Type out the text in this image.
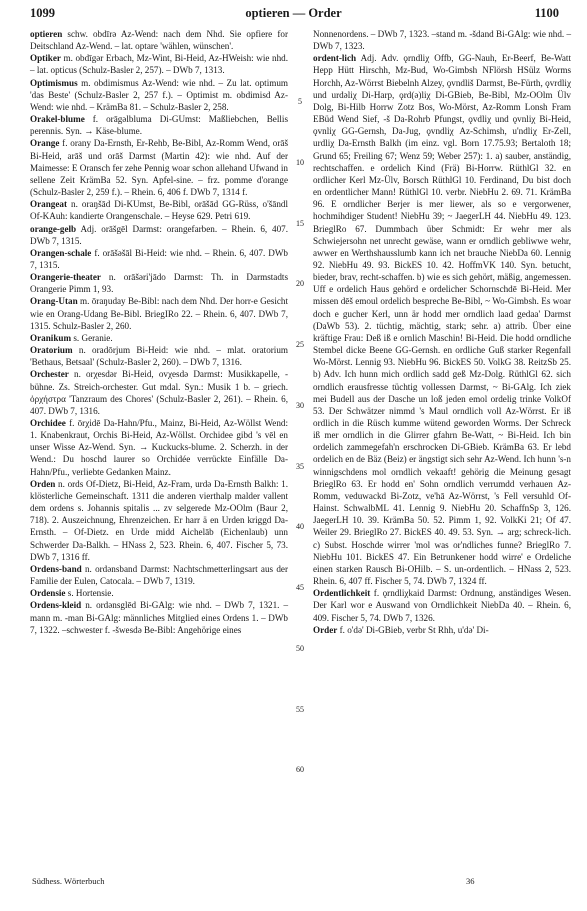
1099	optieren — Order	1100

optieren schw. obdīrə Az-Wend: nach dem Nhd. Sie opfiere for Deitschland Az-Wend. – lat. optare 'wählen, wünschen'.

Optiker m. obdīgər Erbach, Mz-Wint, Bi-Heid, Az-HWeish: wie nhd. – lat. opticus (Schulz-Basler 2, 257). – DWb 7, 1313.

Optimismus m. obdimismus Az-Wend: wie nhd. – Zu lat. optimum 'das Beste' (Schulz-Basler 2, 257 f.). – Optimist m. obdimisd Az-Wend: wie nhd. – KrämBa 81. – Schulz-Basler 2, 258.

Orakel-blume f. orāgəlbluma Di-GUmst: Maßliebchen, Bellis perennis. Syn. → Käse-blume.

Orange f. orany Da-Ernsth, Er-Rehb, Be-Bibl, Az-Romm Wend, orāš Bi-Heid, arāš und orāš Darmst (Martin 42): wie nhd. Auf der Maimesse: E Oransch fer zehe Pennig woar schon allehand Ufwand in sellene Zeit KrämBa 52. Syn. Apfel-sine. – frz. pomme d'orange (Schulz-Basler 2, 259 f.). – Rhein. 6, 406 f. DWb 7, 1314 f.

Orangeat n. oraŋšād Di-KUmst, Be-Bibl, orāšād GG-Rüss, o'šāndl Of-KAuh: kandierte Orangenschale. – Heyse 629. Petri 619.

orange-gelb Adj. orāšgēl Darmst: orangefarben. – Rhein. 6, 407. DWb 7, 1315.

Orangen-schale f. orāšəšāl Bi-Heid: wie nhd. – Rhein. 6, 407. DWb 7, 1315.

Orangerie-theater n. orāšəri'jādo Darmst: Th. in Darmstadts Orangerie Pimm 1, 93.

Orang-Utan m. ōraŋuday Be-Bibl: nach dem Nhd. Der horr-e Gesicht wie en Orang-Udang Be-Bibl. BriegIRo 22. – Rhein. 6, 407. DWb 7, 1315. Schulz-Basler 2, 260.

Oranikum s. Geranie.

Oratorium n. oradōrjum Bi-Heid: wie nhd. – mlat. oratorium 'Bethaus, Betsaal' (Schulz-Basler 2, 260). – DWb 7, 1316.

Orchester n. orχesdər Bi-Heid, ovχesdə Darmst: Musikkapelle, -bühne. Zs. Streich-orchester. Gut mdal. Syn.: Musik 1 b. – griech. ὀρχήστρα 'Tanzraum des Chores' (Schulz-Basler 2, 261). – Rhein. 6, 407. DWb 7, 1316.

Orchidee f. ōrχidē Da-Hahn/Pfu., Mainz, Bi-Heid, Az-Wöllst Wend: 1. Knabenkraut, Orchis Bi-Heid, Az-Wöllst. Orchidee gibd 's vēl en unser Wisse Az-Wend. Syn. → Kuckucks-blume. 2. Scherzh. in der Wend.: Du hoschd laurer so Orchidée verrückte Einfälle Da-Hahn/Pfu., verliebte Gedanken Mainz.

Orden n. ords Of-Dietz, Bi-Heid, Az-Fram, urdə Da-Ernsth Balkh: 1. klösterliche Gemeinschaft. 1311 die anderen vierthalp malder vallent dem ordens s. Johannis spitalis ... zv selgerede Mz-OOlm (Baur 2, 718). 2. Auszeichnung, Ehrenzeichen. Er harr ä en Urden kriggd Da-Ernsth. – Of-Dietz. en Urde midd Aichelāb (Eichenlaub) unn Schwerder Da-Balkh. – HNass 2, 523. Rhein. 6, 407. Fischer 5, 73. DWb 7, 1316 ff.

Ordens-band n. ordənsband Darmst: Nachtschmetterlingsart aus der Familie der Eulen, Catocala. – DWb 7, 1319.

Ordensie s. Hortensie.

Ordens-kleid n. ordənsglēd Bi-GAlg: wie nhd. – DWb 7, 1321. –mann m. -man Bi-GAlg: männliches Mitglied eines Ordens 1. – DWb 7, 1322. –schwester f. -šwesdə Be-Bibl: Angehörige eines

Nonnenordens. – DWb 7, 1323. –stand m. -šdand Bi-GAlg: wie nhd. – DWb 7, 1323.

ordent-lich Adj. Adv. ǫrndliχ Offb, GG-Nauh, Er-Beerf, Be-Watt Hepp Hütt Hirschh, Mz-Bud, Wo-Gimbsh NFlörsh HSülz Worms Horchh, Az-Wörrst Biebelnh Alzey, ǫvndliš Darmst, Be-Fürth, ǫvrdliχ und urdəliχ Di-Harp, ǫrd(ə)liχ Di-GBieb, Be-Bibl, Mz-OOlm Ülv Dolg, Bi-Hilb Horrw Zotz Bos, Wo-Mörst, Az-Romm Lonsh Fram EBüd Wend Sief, -š Da-Rohrb Pfungst, ǫvdliχ und ǫvnliχ Bi-Heid, ǫvnliχ GG-Gernsh, Da-Jug, ǫvndliχ Az-Schimsh, u'ndliχ Er-Zell, urdliχ Da-Ernsth Balkh (im einz. vgl. Born 17.75.93; Bertaloth 18; Grund 65; Freiling 67; Wenz 59; Weber 257): 1. a) sauber, anständig, rechtschaffen. e ordelich Kind (Frä) Bi-Horrw. RüthlGl 32. en ordlicher Kerl Mz-Ülv, Borsch RüthlGl 10. Ferdinand, Du bist doch en ordentlicher Mann! RüthlGl 10. verbr. NiebHu 2. 69. 71. KrämBa 96. E orndlicher Berjer is mer liewer, als so e vergorwener, hochmihdiger Student! NiebHu 39; ~ JaegerLH 44. NiebHu 49. 123. BrieglRo 67. Dummbach über Schmidt: Er wehr mer als Schwiejersohn net unrecht gewäse, wann er orndlich gebliwwe wehr, awwer en Werthshausslumb kann ich net brauche NiebDa 60. Lennig 92. NiebHu 49. 93. BickES 10. 42. HoffmVK 140. Syn. betucht, bieder, brav, recht-schaffen. b) wie es sich gehört, mäßig, angemessen. Uff e ordelich Haus gehörd e ordelicher Schornschdē Bi-Heid. Mer missen dēš emoul ordelich bespreche Be-Bibl, ~ Wo-Gimbsh. Es woar doch e gucher Kerl, unn är hodd mer orndlich laad gedaa' Darmst (DaWb 53). 2. tüchtig, mächtig, stark; sehr. a) attrib. Über eine kräftige Frau: Deß iß e ornlich Maschin! Bi-Heid. Die hodd orndliche Stembel dicke Beene GG-Gernsh. en ordliche Guß starker Regenfall Wo-Mörst. Lennig 93. NiebHu 96. BickES 50. VolkG 38. ReitzSb 25. b) Adv. Ich hunn mich ordlich sadd geß Mz-Dolg. RüthlGl 62. sich orndlich erausfresse tüchtig vollessen Darmst, ~ Bi-GAlg. Ich ziek mei Budell aus der Dasche un loß jeden emol ordelig trinke VolkOf 53. Der Schwätzer nimmd 's Maul orndlich voll Az-Wörrst. Er iß ordlich in die Rüsch kumme wütend geworden Worms. Der Schreck iß mer orndlich in die Glirrer gfahrn Be-Watt, ~ Bi-Heid. Ich bin ordelich zammegefah'n erschrocken Di-GBieb. KrämBa 63. Er lebd ordelich en de Bäz (Beiz) er ängstigt sich sehr Az-Wend. Ich hunn 's-n winnigschdens mol orndlich vekaaft! gehörig die Meinung gesagt BrieglRo 63. Er hodd en' Sohn orndlich verrumdd verhauen Az-Romm, veduwackd Bi-Zotz, ve'hā Az-Wörrst, 's Fell versuhld Of-Hainst. SchwalbML 41. Lennig 9. NiebHu 20. SchaffnSp 3, 126. JaegerLH 10. 39. KrämBa 50. 52. Pimm 1, 92. VolkKi 21; Of 47. Weiler 29. BrieglRo 27. BickES 40. 49. 53. Syn. → arg; schreck-lich. c) Subst. Hoschde wirrer 'mol was or'ndliches funne? BrieglRo 7. NiebHu 101. BickES 47. Ein Betrunkener hodd wirre' e Ordeliche einen starken Rausch Bi-OHilb. – S. un-ordentlich. – HNass 2, 523. Rhein. 6, 407 ff. Fischer 5, 74. DWb 7, 1324 ff.

Ordentlichkeit f. ǫrndliχkaid Darmst: Ordnung, anständiges Wesen. Der Karl wor e Auswand von Orndlichkeit NiebDa 40. – Rhein. 6, 409. Fischer 5, 74. DWb 7, 1326.

Order f. o'də' Di-GBieb, verbr St Rhh, u'də' Di-

5
10
15
20
25
30
35
40
45
50
55
60
Südhess. Wörterbuch	36
